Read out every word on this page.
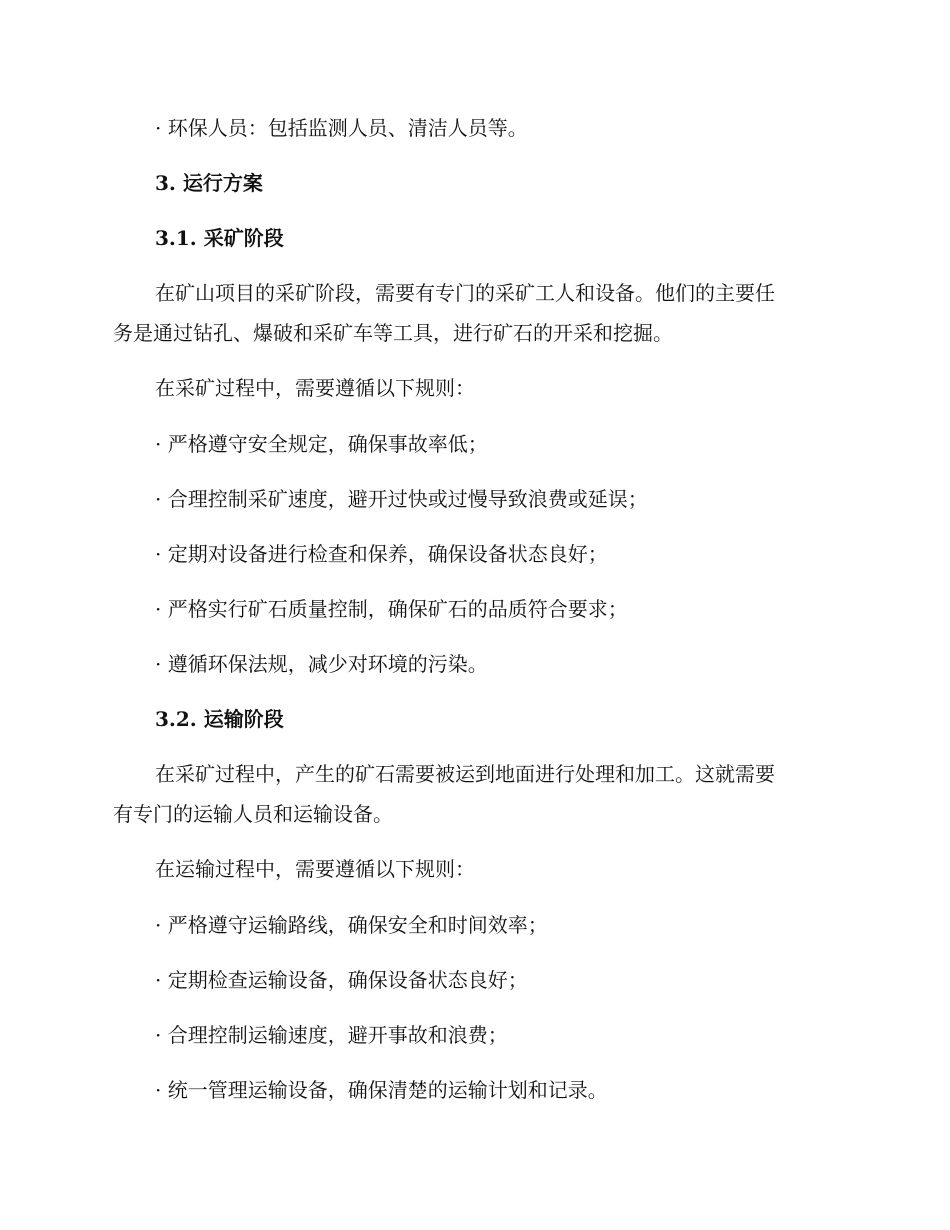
· 环保人员：包括监测人员、清洁人员等。
3. 运行方案
3.1. 采矿阶段
在矿山项目的采矿阶段，需要有专门的采矿工人和设备。他们的主要任
务是通过钻孔、爆破和采矿车等工具，进行矿石的开采和挖掘。
在采矿过程中，需要遵循以下规则：
· 严格遵守安全规定，确保事故率低；
· 合理控制采矿速度，避开过快或过慢导致浪费或延误；
· 定期对设备进行检查和保养，确保设备状态良好；
· 严格实行矿石质量控制，确保矿石的品质符合要求；
· 遵循环保法规，减少对环境的污染。
3.2. 运输阶段
在采矿过程中，产生的矿石需要被运到地面进行处理和加工。这就需要
有专门的运输人员和运输设备。
在运输过程中，需要遵循以下规则：
· 严格遵守运输路线，确保安全和时间效率；
· 定期检查运输设备，确保设备状态良好；
· 合理控制运输速度，避开事故和浪费；
· 统一管理运输设备，确保清楚的运输计划和记录。
